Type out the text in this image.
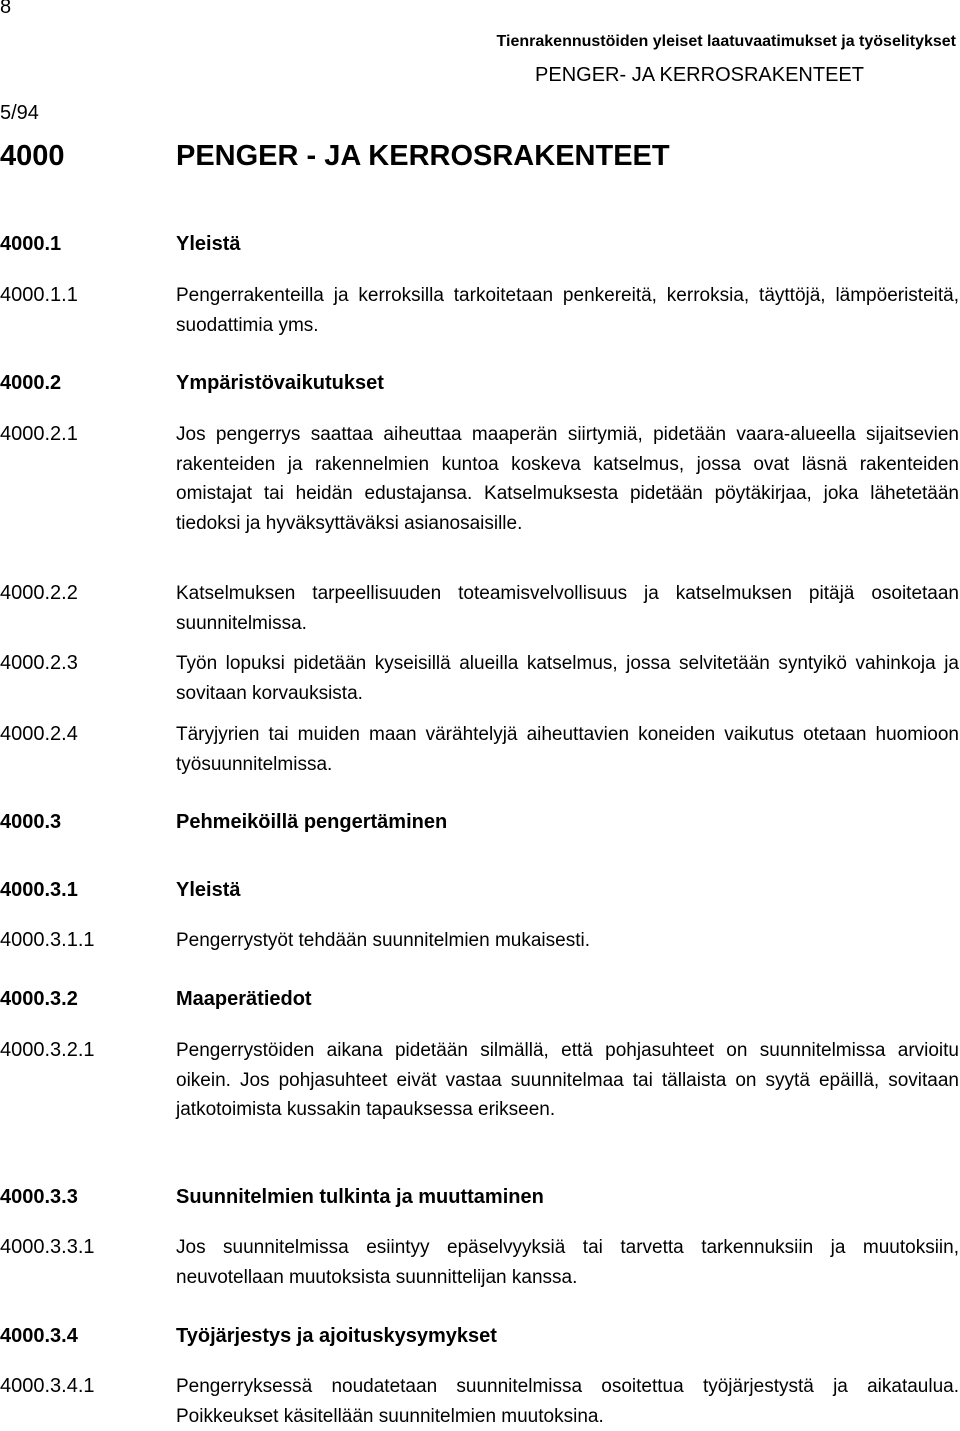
8
Tienrakennustöiden yleiset laatuvaatimukset ja työselitykset
PENGER- JA KERROSRAKENTEET
5/94
4000	PENGER - JA KERROSRAKENTEET
4000.1	Yleistä
4000.1.1	Pengerrakenteilla ja kerroksilla tarkoitetaan penkereitä, kerroksia, täyttöjä, lämpöeristeitä, suodattimia yms.
4000.2	Ympäristövaikutukset
4000.2.1	Jos pengerrys saattaa aiheuttaa maaperän siirtymiä, pidetään vaara-alueella sijaitsevien rakenteiden ja rakennelmien kuntoa koskeva katselmus, jossa ovat läsnä rakenteiden omistajat tai heidän edustajansa. Katselmuksesta pidetään pöytäkirjaa, joka lähetetään tiedoksi ja hyväksyttäväksi asianosaisille.
4000.2.2	Katselmuksen tarpeellisuuden toteamisvelvollisuus ja katselmuksen pitäjä osoitetaan suunnitelmissa.
4000.2.3	Työn lopuksi pidetään kyseisillä alueilla katselmus, jossa selvitetään syntyikö vahinkoja ja sovitaan korvauksista.
4000.2.4	Täryjyrien tai muiden maan värähtelyjä aiheuttavien koneiden vaikutus otetaan huomioon työsuunnitelmissa.
4000.3	Pehmeiköillä pengertäminen
4000.3.1	Yleistä
4000.3.1.1	Pengerrystyöt tehdään suunnitelmien mukaisesti.
4000.3.2	Maaperätiedot
4000.3.2.1	Pengerrystöiden aikana pidetään silmällä, että pohjasuhteet on suunnitelmissa arvioitu oikein. Jos pohjasuhteet eivät vastaa suunnitelmaa tai tällaista on syytä epäillä, sovitaan jatkotoimista kussakin tapauksessa erikseen.
4000.3.3	Suunnitelmien tulkinta ja muuttaminen
4000.3.3.1	Jos suunnitelmissa esiintyy epäselvyyksiä tai tarvetta tarkennuksiin ja muutoksiin, neuvotellaan muutoksista suunnittelijan kanssa.
4000.3.4	Työjärjestys ja ajoituskysymykset
4000.3.4.1	Pengerryksessä noudatetaan suunnitelmissa osoitettua työjärjestystä ja aikataulua. Poikkeukset käsitellään suunnitelmien muutoksina.
